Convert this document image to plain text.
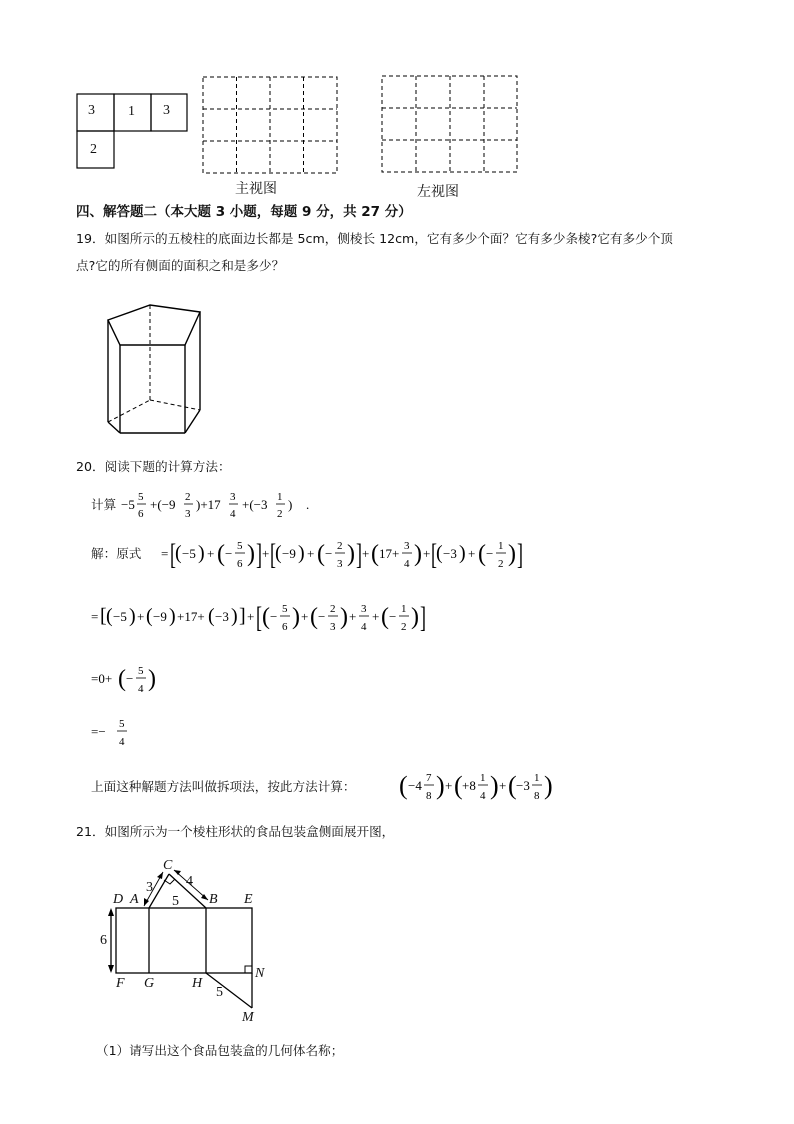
3 1 3
2
主视图	左视图
四、解答题二（本大题 3 小题，每题 9 分，共 27 分）
19．如图所示的五棱柱的底面边长都是 5cm，侧棱长 12cm，它有多少个面？它有多少条棱?它有多少个顶
点?它的所有侧面的面积之和是多少？
20．阅读下题的计算方法：
计算 −5 5
6
+(−9 2
3
)+17 3
4
+(−3 1
2
) .
解：原式 = [ ( −5 ) + ( − 5
6 ) ] + [ ( −9 ) + ( − 2
3 ) ] + ( 17+ 3
4 ) + [ ( −3 ) + ( − 1
2 ) ]
= [ ( −5 ) + ( −9 ) +17+ ( −3 ) ] + [ ( − 5
6 ) + ( − 2
3 ) + 3
4
+ ( − 1
2 ) ]
=0+ ( − 5
4 )
=− 5
4
上面这种解题方法叫做拆项法，按此方法计算： ( −4 7
8 ) + ( +8 1
4 ) + ( −3 1
8 )
21．如图所示为一个棱柱形状的食品包装盒侧面展开图，
C
D A	B E
F G	H
N
M
3 4
5
6
5
（1）请写出这个食品包装盒的几何体名称；
